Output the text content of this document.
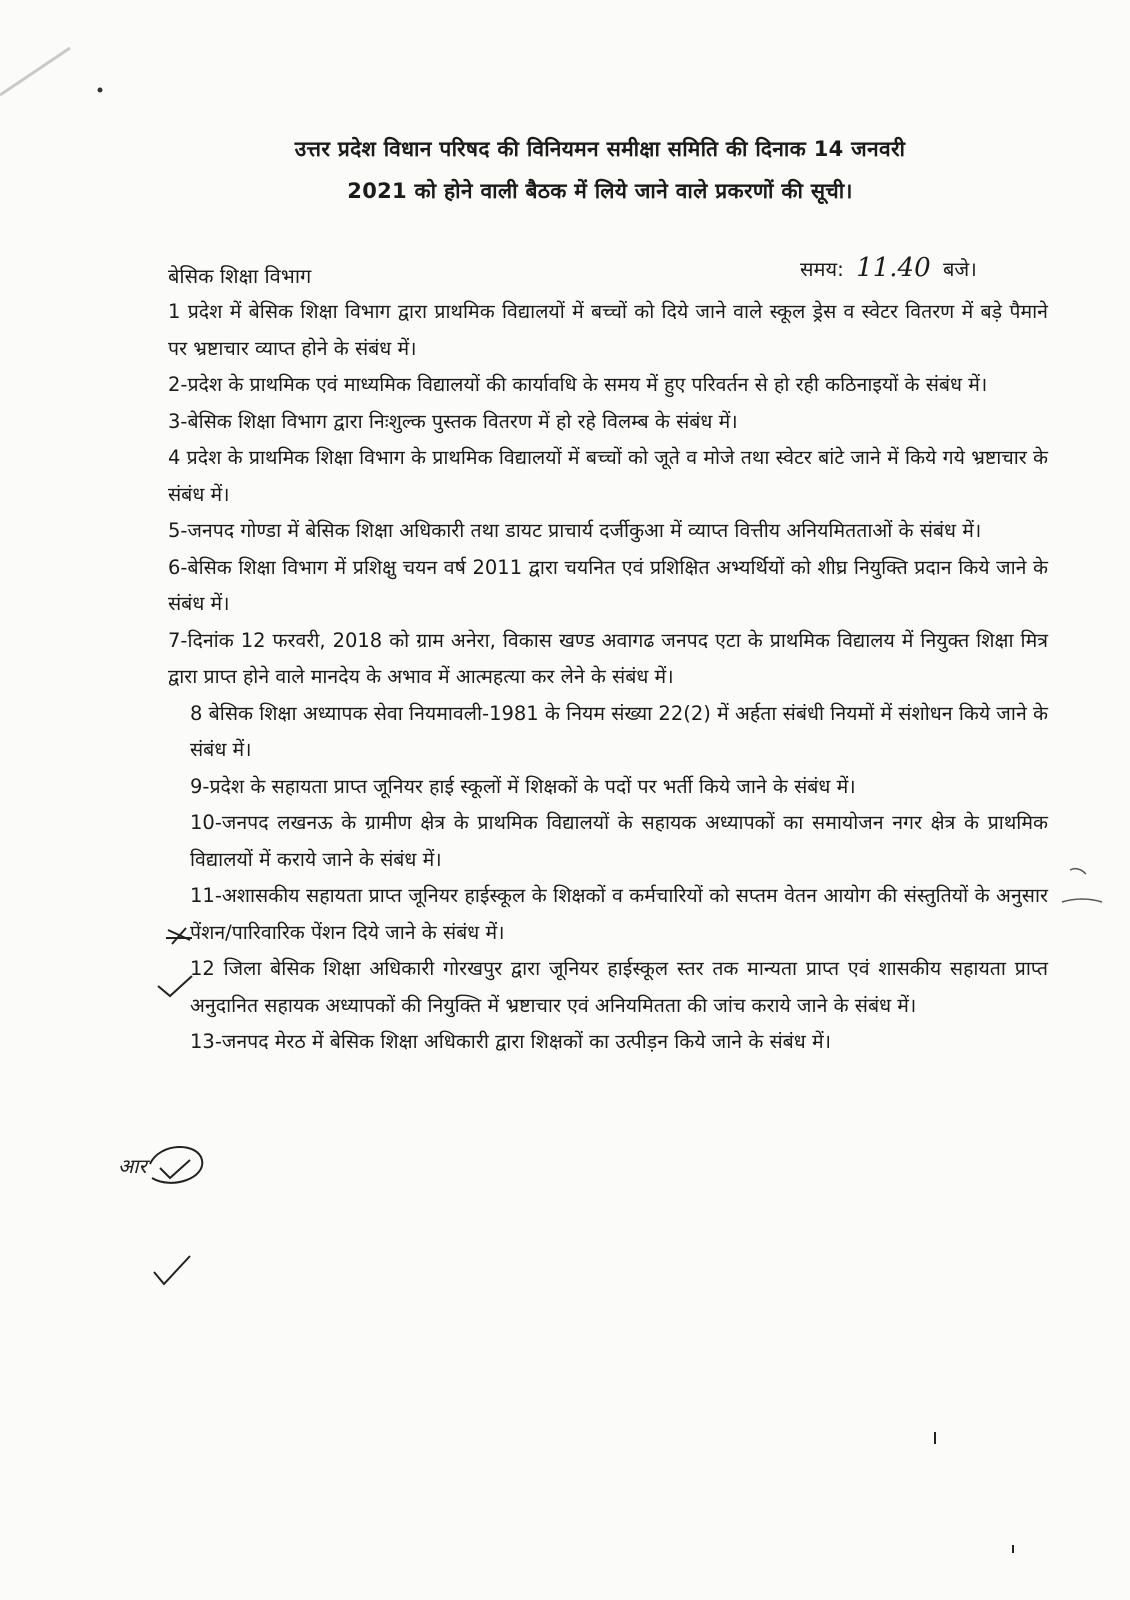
उत्तर प्रदेश विधान परिषद की विनियमन समीक्षा समिति की दिनाक 14 जनवरी
2021 को होने वाली बैठक में लिये जाने वाले प्रकरणों की सूची।
बेसिक शिक्षा विभाग	समय: 11.40 बजे।

1 प्रदेश में बेसिक शिक्षा विभाग द्वारा प्राथमिक विद्यालयों में बच्चों को दिये जाने वाले स्कूल ड्रेस व स्वेटर वितरण में बड़े पैमाने पर भ्रष्टाचार व्याप्त होने के संबंध में।

2-प्रदेश के प्राथमिक एवं माध्यमिक विद्यालयों की कार्यावधि के समय में हुए परिवर्तन से हो रही कठिनाइयों के संबंध में।

3-बेसिक शिक्षा विभाग द्वारा निःशुल्क पुस्तक वितरण में हो रहे विलम्ब के संबंध में।

4 प्रदेश के प्राथमिक शिक्षा विभाग के प्राथमिक विद्यालयों में बच्चों को जूते व मोजे तथा स्वेटर बांटे जाने में किये गये भ्रष्टाचार के संबंध में।

5-जनपद गोण्डा में बेसिक शिक्षा अधिकारी तथा डायट प्राचार्य दर्जीकुआ में व्याप्त वित्तीय अनियमितताओं के संबंध में।

6-बेसिक शिक्षा विभाग में प्रशिक्षु चयन वर्ष 2011 द्वारा चयनित एवं प्रशिक्षित अभ्यर्थियों को शीघ्र नियुक्ति प्रदान किये जाने के संबंध में।

7-दिनांक 12 फरवरी, 2018 को ग्राम अनेरा, विकास खण्ड अवागढ जनपद एटा के प्राथमिक विद्यालय में नियुक्त शिक्षा मित्र द्वारा प्राप्त होने वाले मानदेय के अभाव में आत्महत्या कर लेने के संबंध में।

8 बेसिक शिक्षा अध्यापक सेवा नियमावली-1981 के नियम संख्या 22(2) में अर्हता संबंधी नियमों में संशोधन किये जाने के संबंध में।

9-प्रदेश के सहायता प्राप्त जूनियर हाई स्कूलों में शिक्षकों के पदों पर भर्ती किये जाने के संबंध में।

10-जनपद लखनऊ के ग्रामीण क्षेत्र के प्राथमिक विद्यालयों के सहायक अध्यापकों का समायोजन नगर क्षेत्र के प्राथमिक विद्यालयों में कराये जाने के संबंध में।

11-अशासकीय सहायता प्राप्त जूनियर हाईस्कूल के शिक्षकों व कर्मचारियों को सप्तम वेतन आयोग की संस्तुतियों के अनुसार पेंशन/पारिवारिक पेंशन दिये जाने के संबंध में।

12 जिला बेसिक शिक्षा अधिकारी गोरखपुर द्वारा जूनियर हाईस्कूल स्तर तक मान्यता प्राप्त एवं शासकीय सहायता प्राप्त अनुदानित सहायक अध्यापकों की नियुक्ति में भ्रष्टाचार एवं अनियमितता की जांच कराये जाने के संबंध में।

13-जनपद मेरठ में बेसिक शिक्षा अधिकारी द्वारा शिक्षकों का उत्पीड़न किये जाने के संबंध में।

आर
